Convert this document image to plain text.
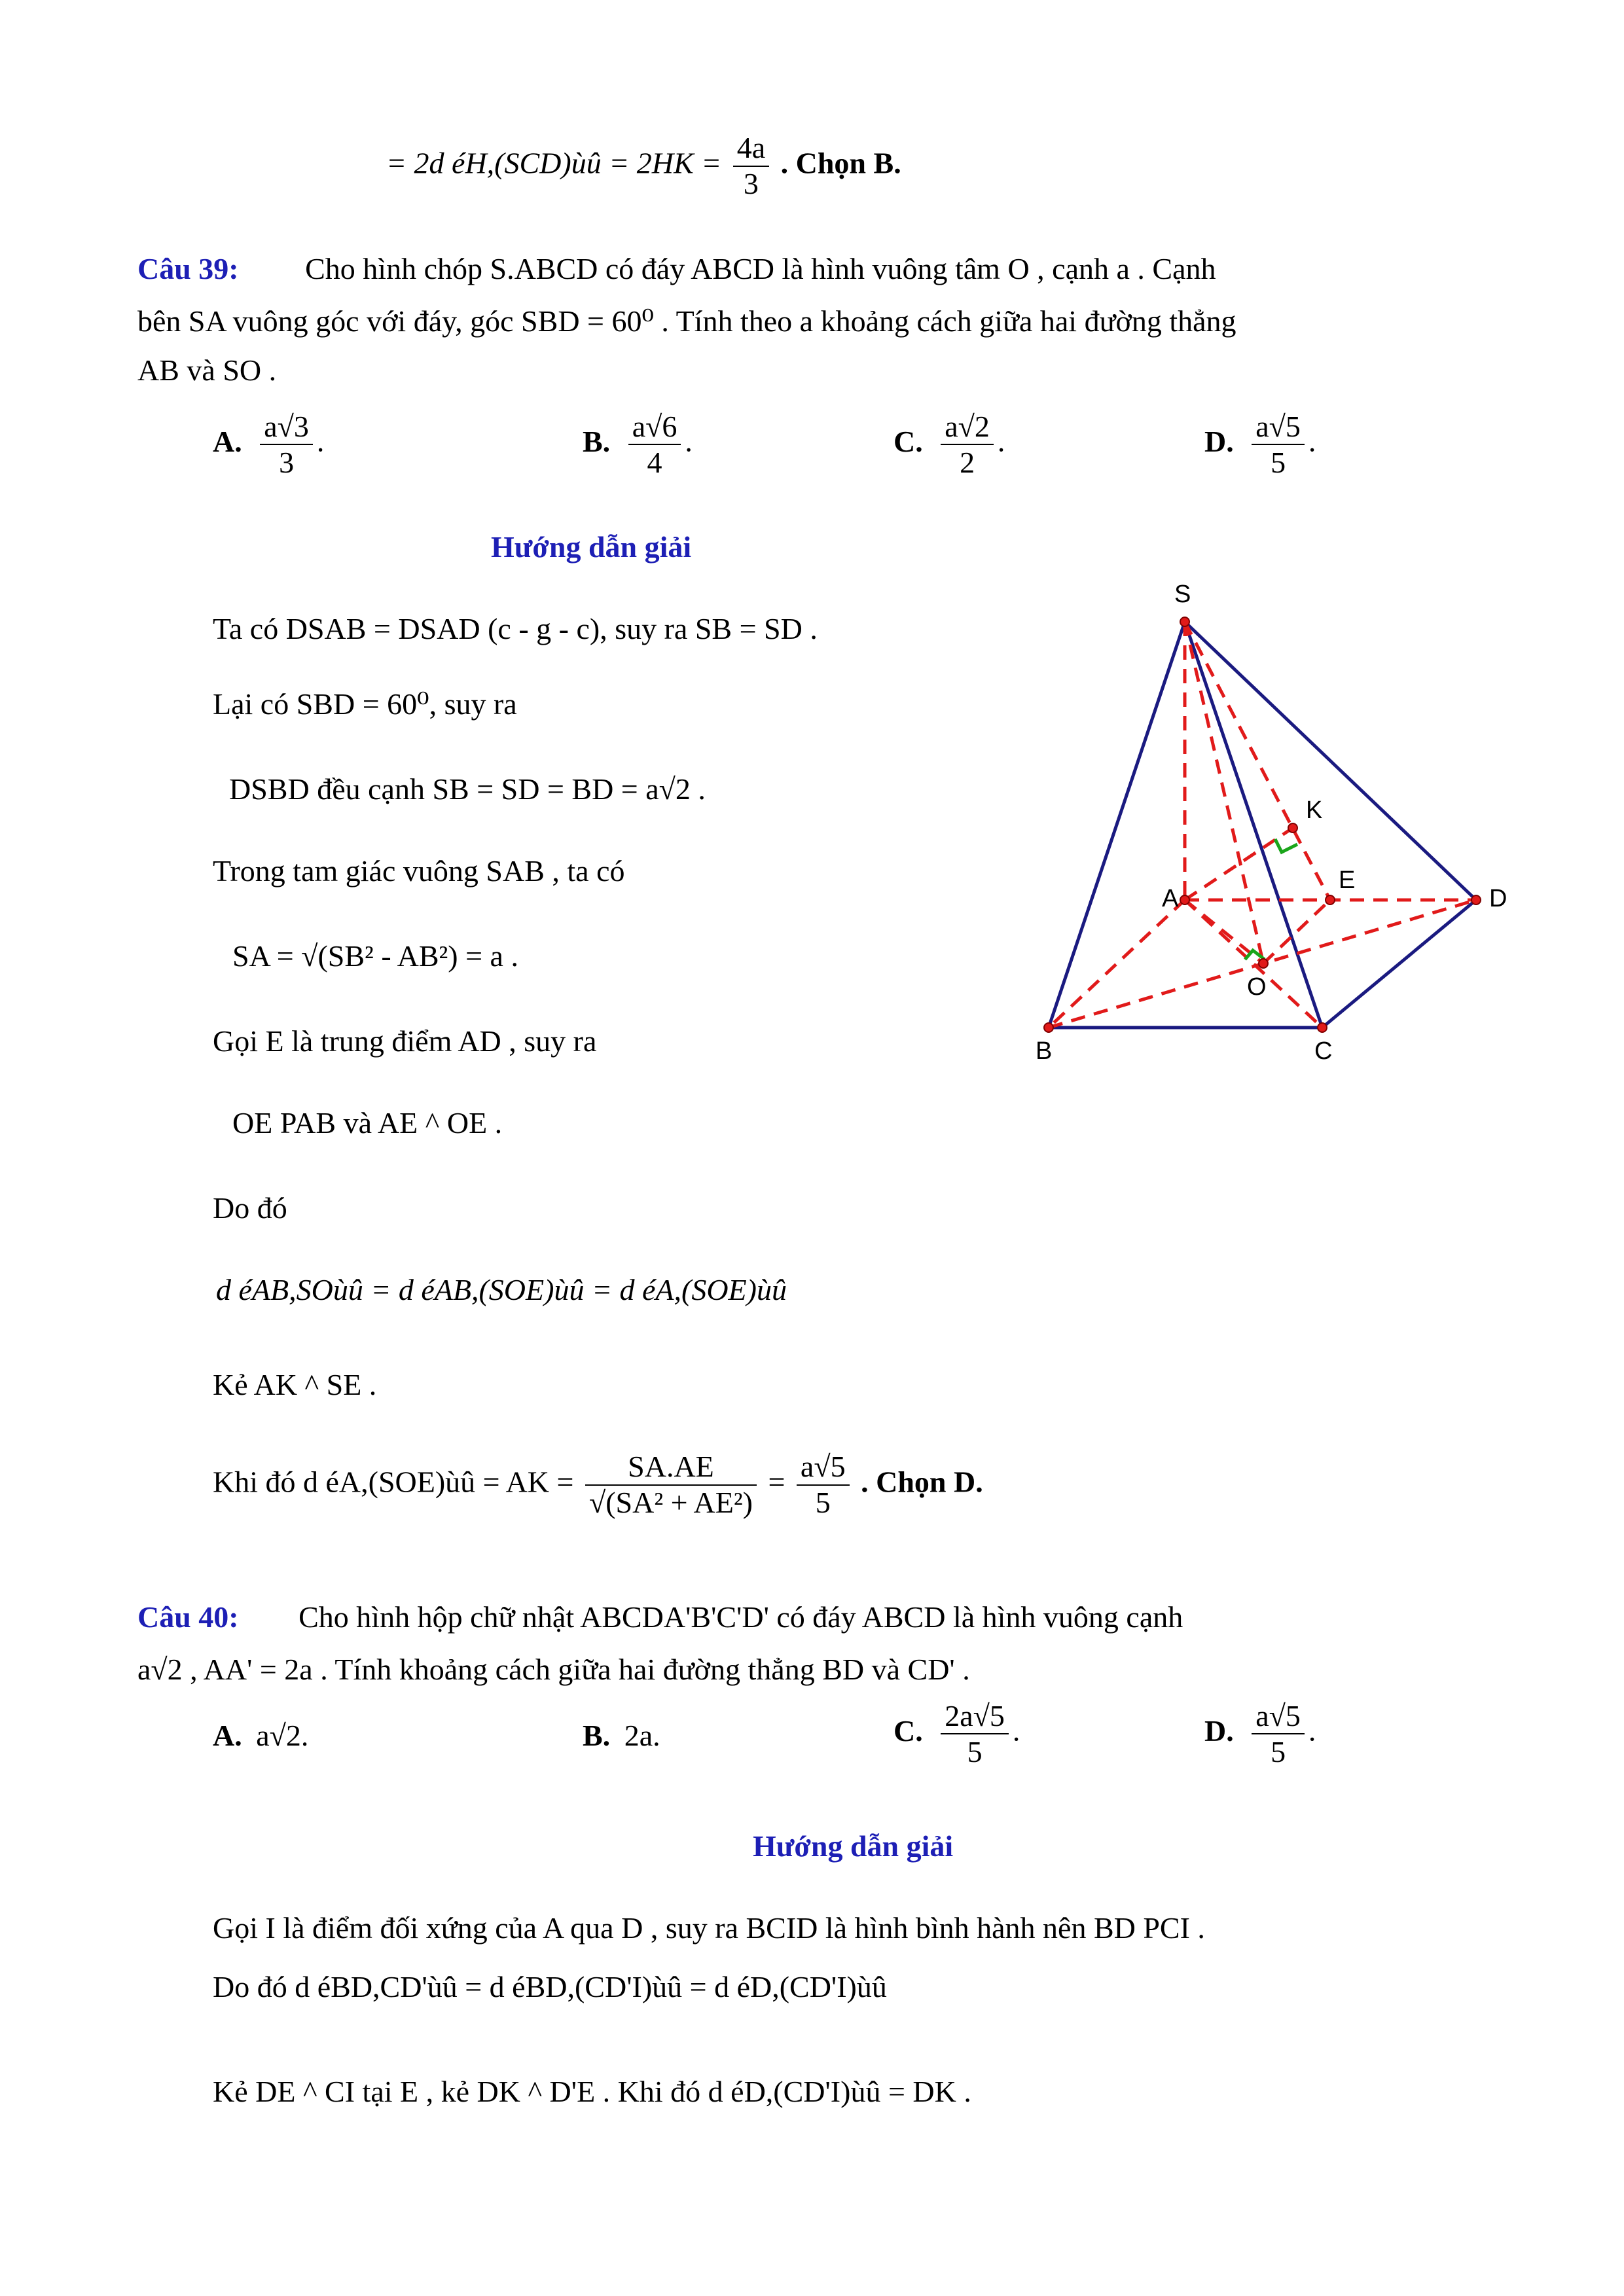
= 2d éH,(SCD)ùû = $2HK = \frac{4a}{3}$ . Chọn B.
Câu 39: Cho hình chóp S.ABCD có đáy ABCD là hình vuông tâm O , cạnh a . Cạnh
bên SA vuông góc với đáy, góc SBD = 60⁰ . Tính theo a khoảng cách giữa hai đường thẳng
AB và SO .
A. $\frac{a√3}{3}$ .	B. $\frac{a√6}{4}$ .	C. $\frac{a√2}{2}$ .	D. $\frac{a√5}{5}$ .
Hướng dẫn giải
Ta có DSAB = DSAD (c - g - c), suy ra SB = SD .
Lại có SBD = 60⁰, suy ra
DSBD đều cạnh SB = SD = BD = a√2 .
Trong tam giác vuông SAB , ta có
SA = √(SB² - AB²) = a .
Gọi E là trung điểm AD , suy ra
OE PAB và AE ^ OE .
Do đó
d éAB,SOùû = d éAB,(SOE)ùû = d éA,(SOE)ùû
Kẻ AK ^ SE .
Khi đó d éA,(SOE)ùû = AK = $\frac{SA.AE}{\text{√(SA² + AE²)}} = \frac{a√5}{5}$ . Chọn D.
S
A
B	C
D
O
E
K
Câu 40: Cho hình hộp chữ nhật ABCDA'B'C'D' có đáy ABCD là hình vuông cạnh
a√2 , AA' = 2a . Tính khoảng cách giữa hai đường thẳng BD và CD' .
A. a√2.	B. 2a.	C. $\frac{2a√5}{5}$ .	D. $\frac{a√5}{5}$ .
Hướng dẫn giải
Gọi I là điểm đối xứng của A qua D , suy ra BCID là hình bình hành nên BD PCI .
Do đó d éBD,CD'ùû = d éBD,(CD'I)ùû = d éD,(CD'I)ùû
Kẻ DE ^ CI tại E , kẻ DK ^ D'E . Khi đó d éD,(CD'I)ùû = DK .
